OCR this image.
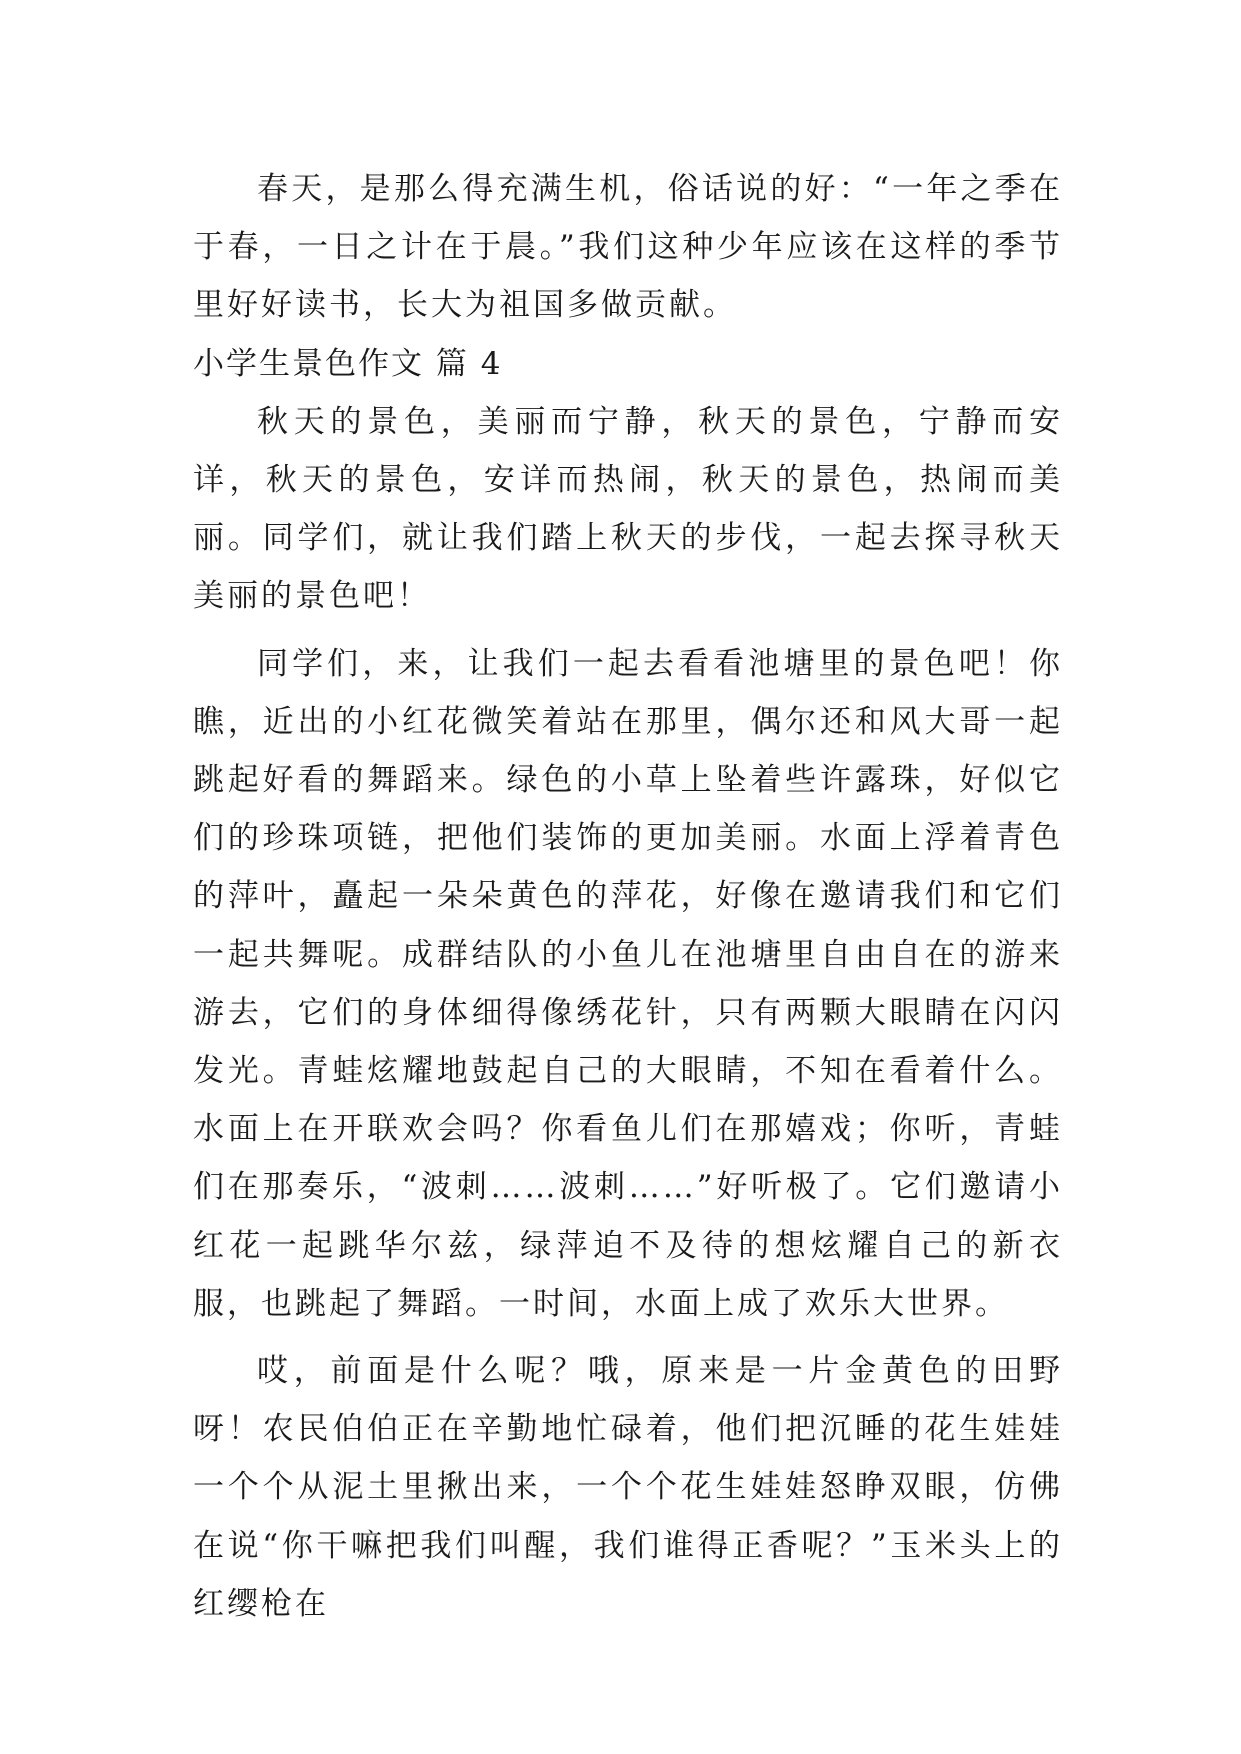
春天，是那么得充满生机，俗话说的好：“一年之季在于春，一日之计在于晨。”我们这种少年应该在这样的季节里好好读书，长大为祖国多做贡献。

小学生景色作文 篇 4

秋天的景色，美丽而宁静，秋天的景色，宁静而安详，秋天的景色，安详而热闹，秋天的景色，热闹而美丽。同学们，就让我们踏上秋天的步伐，一起去探寻秋天美丽的景色吧！

同学们，来，让我们一起去看看池塘里的景色吧！你瞧，近出的小红花微笑着站在那里，偶尔还和风大哥一起跳起好看的舞蹈来。绿色的小草上坠着些许露珠，好似它们的珍珠项链，把他们装饰的更加美丽。水面上浮着青色的萍叶，矗起一朵朵黄色的萍花，好像在邀请我们和它们一起共舞呢。成群结队的小鱼儿在池塘里自由自在的游来游去，它们的身体细得像绣花针，只有两颗大眼睛在闪闪发光。青蛙炫耀地鼓起自己的大眼睛，不知在看着什么。水面上在开联欢会吗？你看鱼儿们在那嬉戏；你听，青蛙们在那奏乐，“波刺……波刺……”好听极了。它们邀请小红花一起跳华尔兹，绿萍迫不及待的想炫耀自己的新衣服，也跳起了舞蹈。一时间，水面上成了欢乐大世界。

哎，前面是什么呢？哦，原来是一片金黄色的田野呀！农民伯伯正在辛勤地忙碌着，他们把沉睡的花生娃娃一个个从泥土里揪出来，一个个花生娃娃怒睁双眼，仿佛在说“你干嘛把我们叫醒，我们谁得正香呢？”玉米头上的红缨枪在
